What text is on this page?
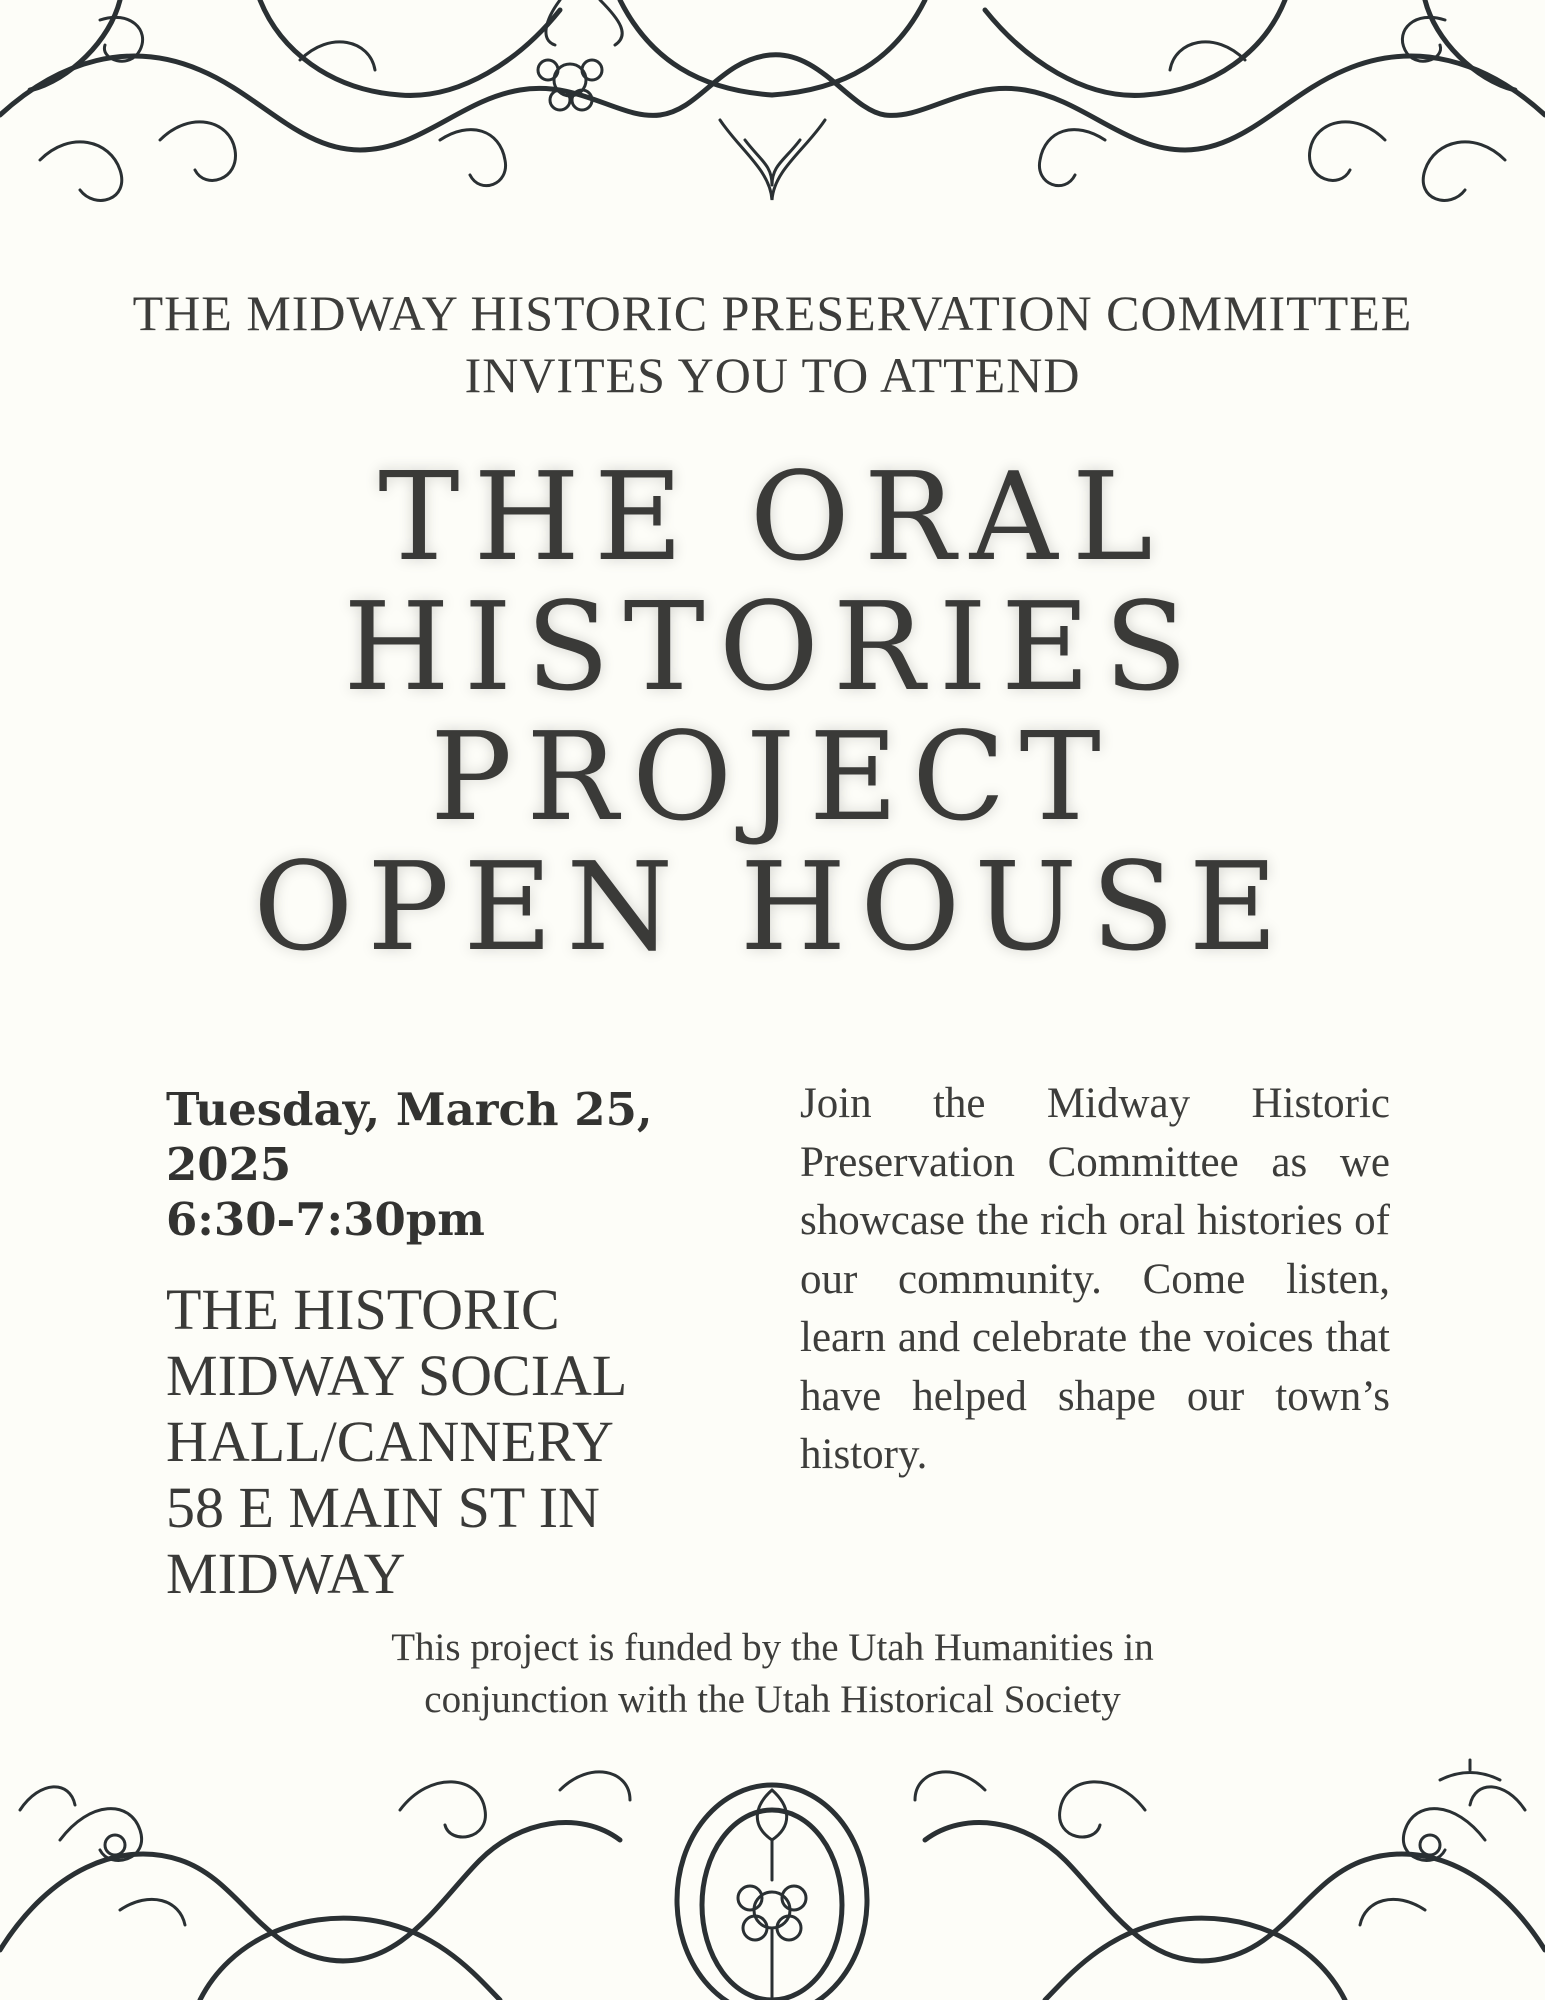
THE MIDWAY HISTORIC PRESERVATION COMMITTEE
INVITES YOU TO ATTEND
THE ORAL
HISTORIES
PROJECT
OPEN HOUSE
Tuesday, March 25, 2025
6:30-7:30pm
THE HISTORIC
MIDWAY SOCIAL
HALL/CANNERY
58 E MAIN ST IN
MIDWAY
Join the Midway Historic Preservation Committee as we showcase the rich oral histories of our community. Come listen, learn and celebrate the voices that have helped shape our town’s history.
This project is funded by the Utah Humanities in
conjunction with the Utah Historical Society
